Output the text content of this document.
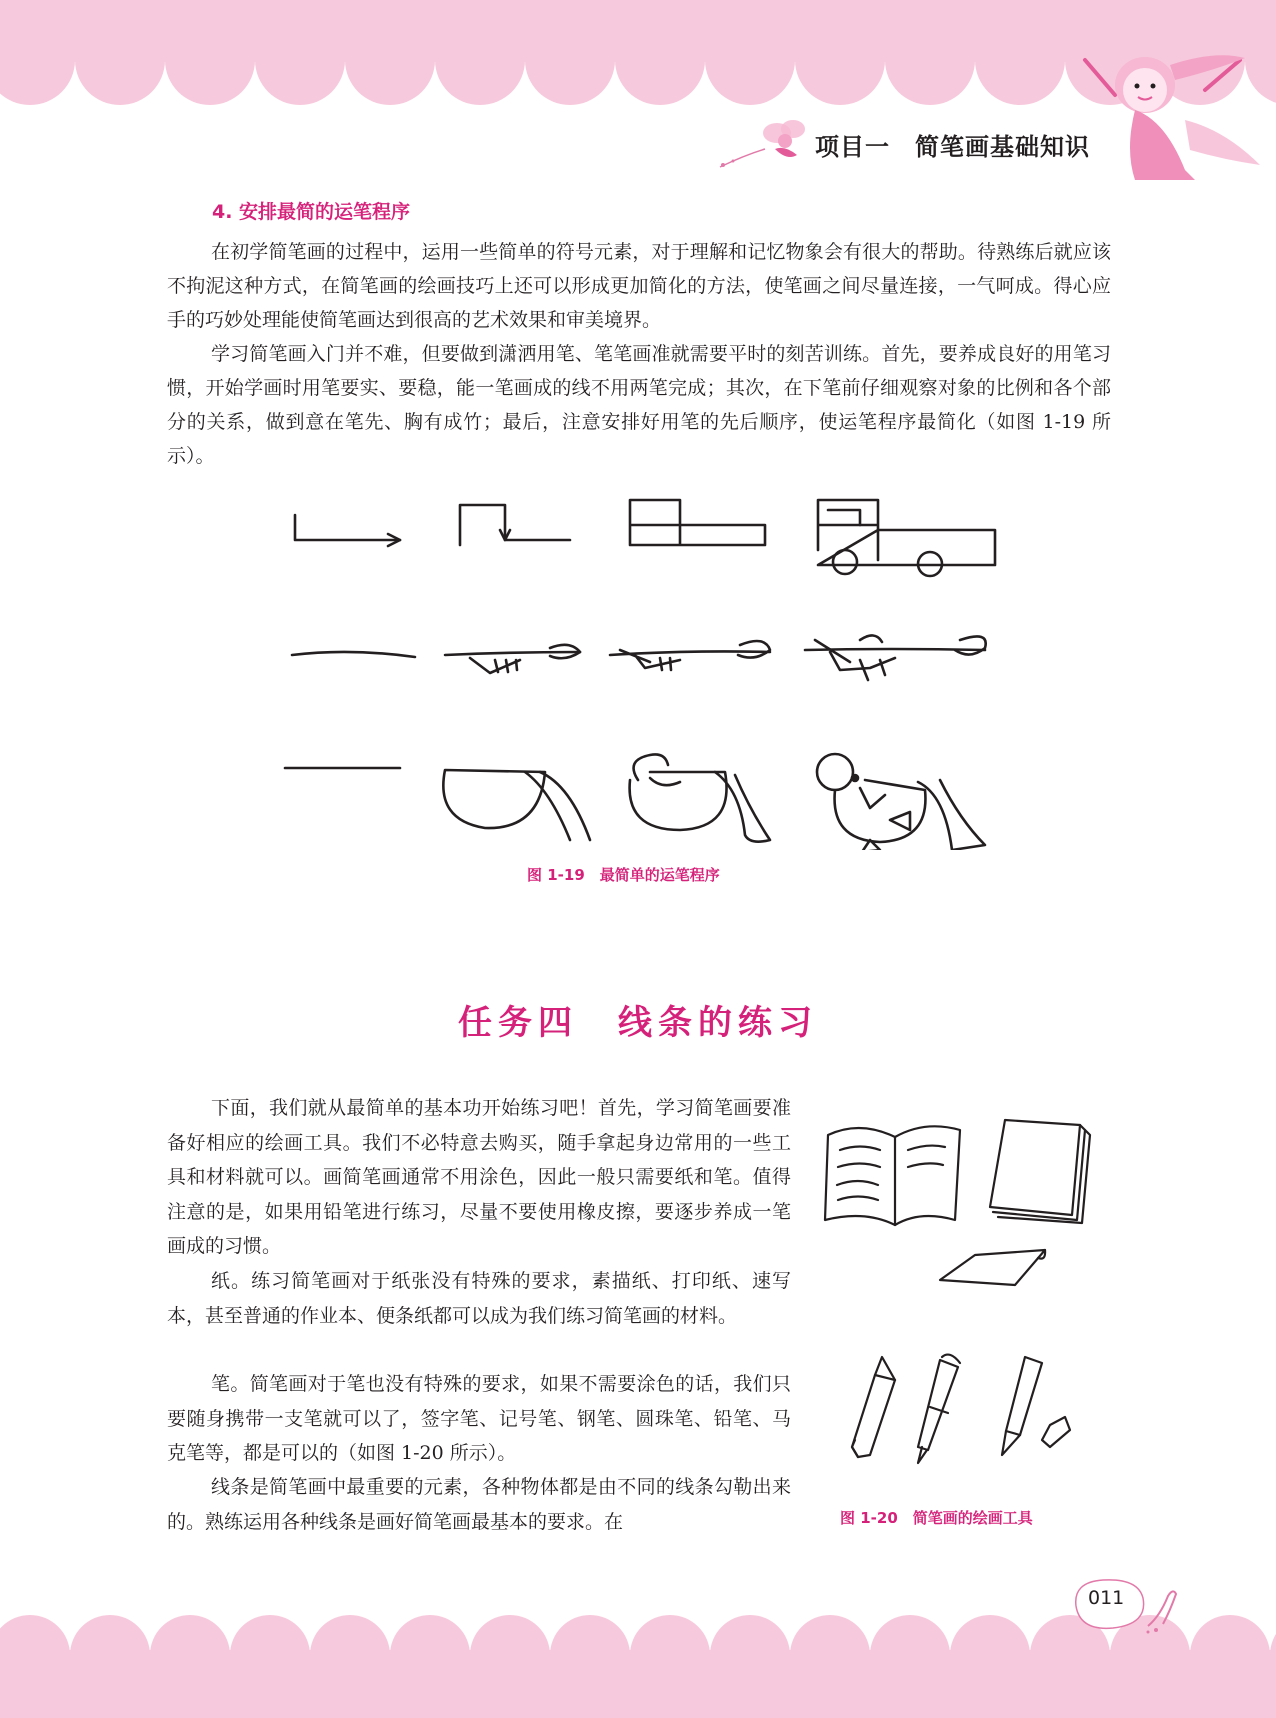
项目一　简笔画基础知识
4. 安排最简的运笔程序

在初学简笔画的过程中，运用一些简单的符号元素，对于理解和记忆物象会有很大的帮助。待熟练后就应该不拘泥这种方式，在简笔画的绘画技巧上还可以形成更加简化的方法，使笔画之间尽量连接，一气呵成。得心应手的巧妙处理能使简笔画达到很高的艺术效果和审美境界。

学习简笔画入门并不难，但要做到潇洒用笔、笔笔画准就需要平时的刻苦训练。首先，要养成良好的用笔习惯，开始学画时用笔要实、要稳，能一笔画成的线不用两笔完成；其次，在下笔前仔细观察对象的比例和各个部分的关系，做到意在笔先、胸有成竹；最后，注意安排好用笔的先后顺序，使运笔程序最简化（如图 1-19 所示）。

图 1-19　最简单的运笔程序
任务四　线条的练习

下面，我们就从最简单的基本功开始练习吧！首先，学习简笔画要准备好相应的绘画工具。我们不必特意去购买，随手拿起身边常用的一些工具和材料就可以。画简笔画通常不用涂色，因此一般只需要纸和笔。值得注意的是，如果用铅笔进行练习，尽量不要使用橡皮擦，要逐步养成一笔画成的习惯。

纸。练习简笔画对于纸张没有特殊的要求，素描纸、打印纸、速写本，甚至普通的作业本、便条纸都可以成为我们练习简笔画的材料。

笔。简笔画对于笔也没有特殊的要求，如果不需要涂色的话，我们只要随身携带一支笔就可以了，签字笔、记号笔、钢笔、圆珠笔、铅笔、马克笔等，都是可以的（如图 1-20 所示）。

线条是简笔画中最重要的元素，各种物体都是由不同的线条勾勒出来的。熟练运用各种线条是画好简笔画最基本的要求。在	图 1-20　简笔画的绘画工具
011
